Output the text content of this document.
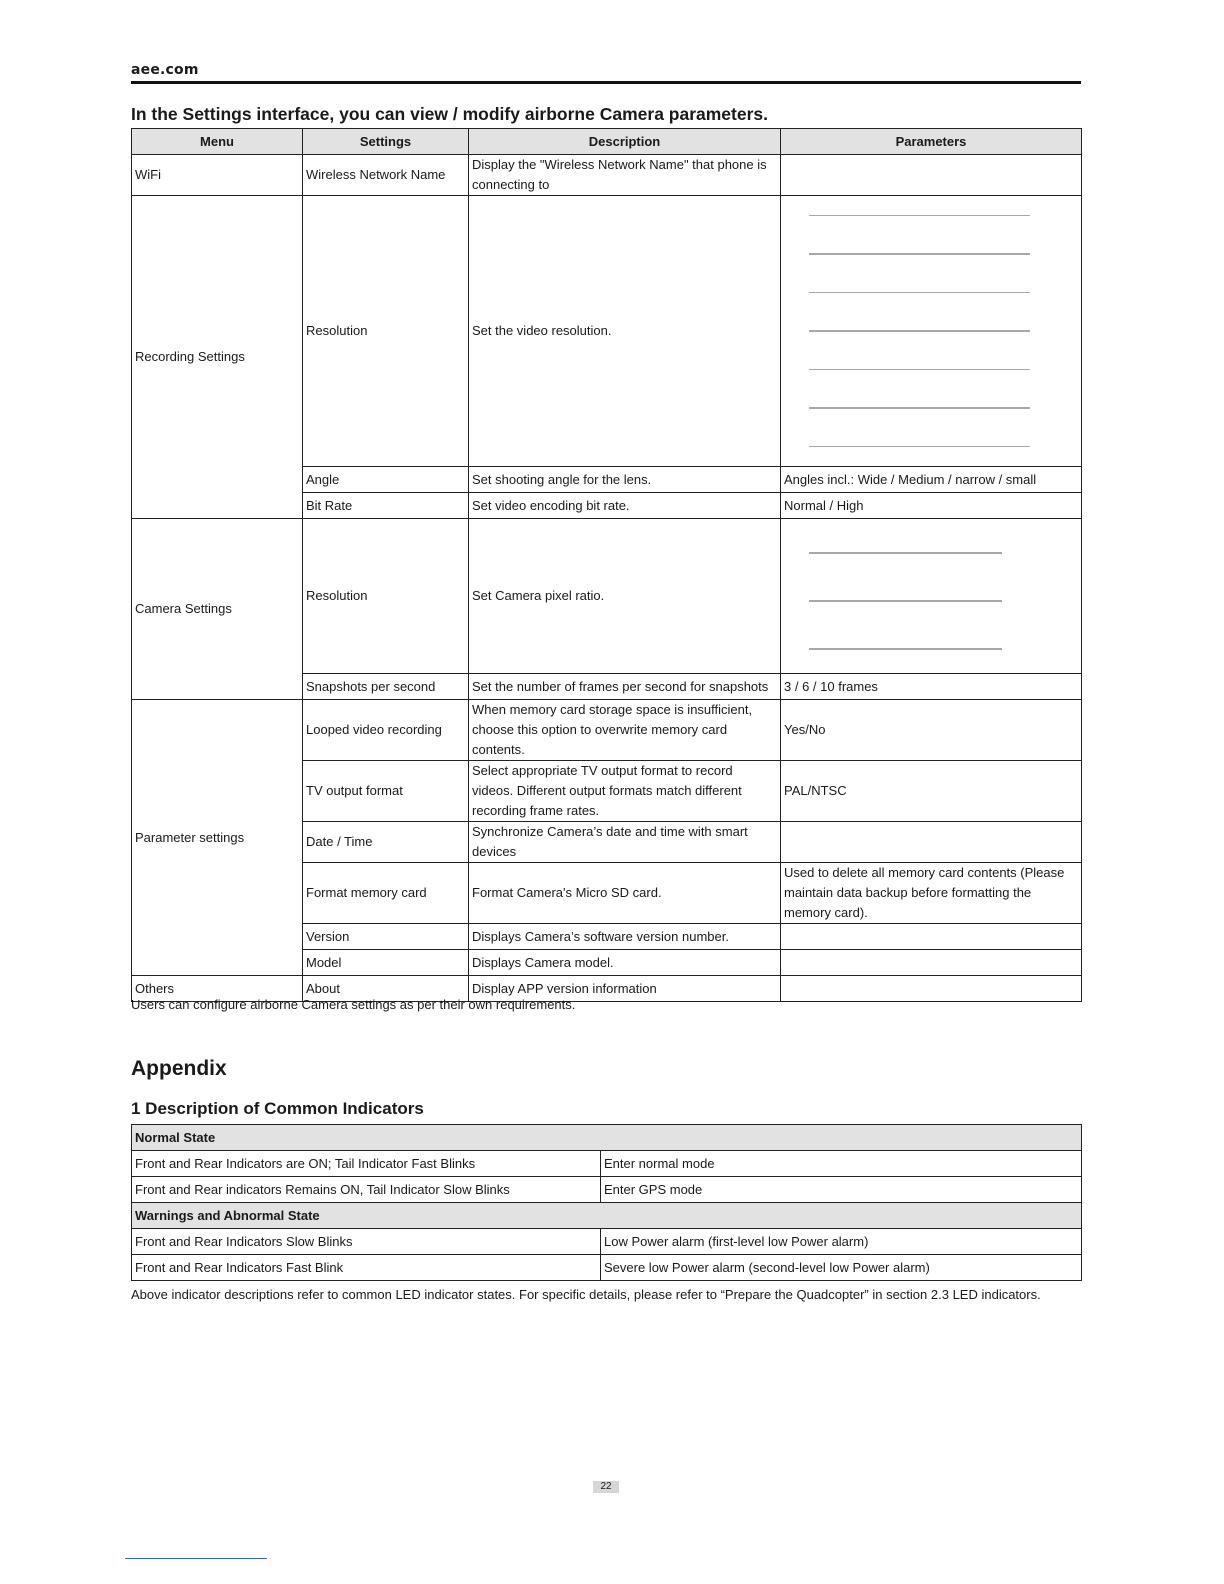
aee.com
In the Settings interface, you can view / modify airborne Camera parameters.
Menu	Settings	Description	Parameters
WiFi	Wireless Network Name	Display the "Wireless Network Name" that phone is connecting to	
Recording Settings	Resolution	Set the video resolution.	

	Angle	Set shooting angle for the lens.	Angles incl.: Wide / Medium / narrow / small
	Bit Rate	Set video encoding bit rate.	Normal / High
Camera Settings	Resolution	Set Camera pixel ratio.	

	Snapshots per second	Set the number of frames per second for snapshots	3 / 6 / 10 frames
Parameter settings	Looped video recording	When memory card storage space is insufficient, choose this option to overwrite memory card contents.	Yes/No
	TV output format	Select appropriate TV output format to record videos. Different output formats match different recording frame rates.	PAL/NTSC
	Date / Time	Synchronize Camera’s date and time with smart devices	
	Format memory card	Format Camera's Micro SD card.	Used to delete all memory card contents (Please maintain data backup before formatting the memory card).
	Version	Displays Camera’s software version number.	
	Model	Displays Camera model.	
Others	About	Display APP version information	
Users can configure airborne Camera settings as per their own requirements.
Appendix
1 Description of Common Indicators
Normal State	
Front and Rear Indicators are ON; Tail Indicator Fast Blinks	Enter normal mode
Front and Rear indicators Remains ON, Tail Indicator Slow Blinks	Enter GPS mode
Warnings and Abnormal State	
Front and Rear Indicators Slow Blinks	Low Power alarm (first-level low Power alarm)
Front and Rear Indicators Fast Blink	Severe low Power alarm (second-level low Power alarm)
Above indicator descriptions refer to common LED indicator states. For specific details, please refer to “Prepare the Quadcopter” in section 2.3 LED indicators.
22
